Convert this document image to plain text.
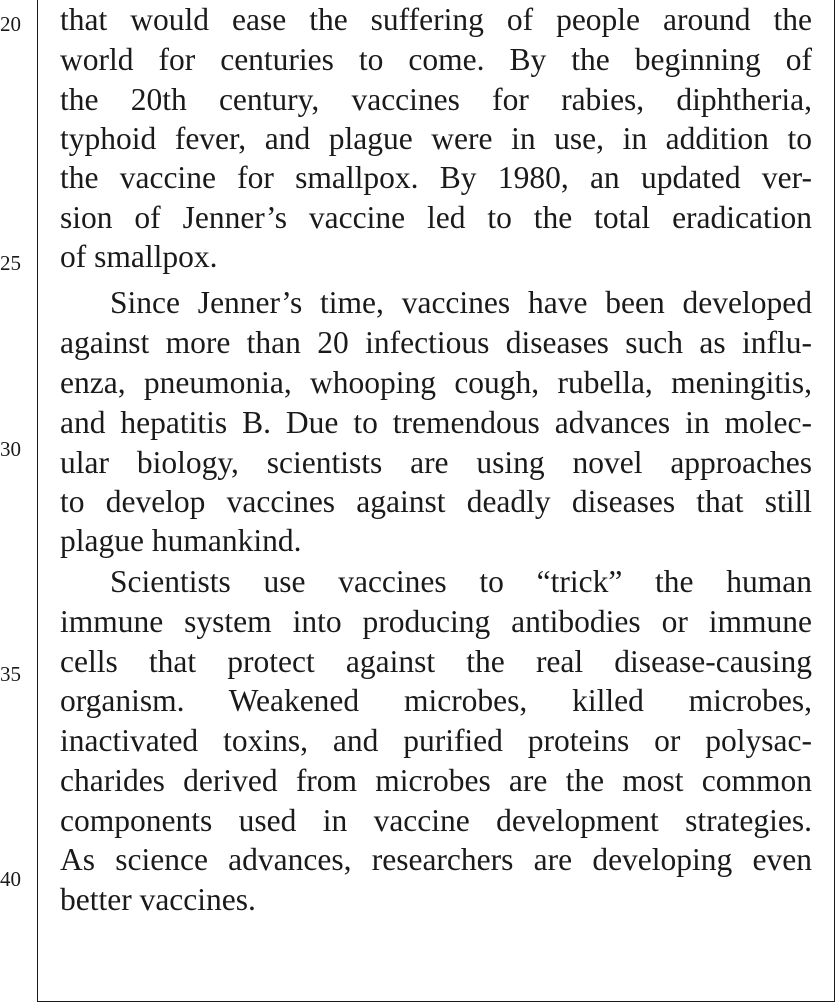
20
25
30
35
40
that would ease the suffering of people around the
world for centuries to come. By the beginning of
the 20th century, vaccines for rabies, diphtheria,
typhoid fever, and plague were in use, in addition to
the vaccine for smallpox. By 1980, an updated ver-
sion of Jenner’s vaccine led to the total eradication
of smallpox.
Since Jenner’s time, vaccines have been developed
against more than 20 infectious diseases such as influ-
enza, pneumonia, whooping cough, rubella, meningitis,
and hepatitis B. Due to tremendous advances in molec-
ular biology, scientists are using novel approaches
to develop vaccines against deadly diseases that still
plague humankind.
Scientists use vaccines to “trick” the human
immune system into producing antibodies or immune
cells that protect against the real disease-causing
organism. Weakened microbes, killed microbes,
inactivated toxins, and purified proteins or polysac-
charides derived from microbes are the most common
components used in vaccine development strategies.
As science advances, researchers are developing even
better vaccines.
